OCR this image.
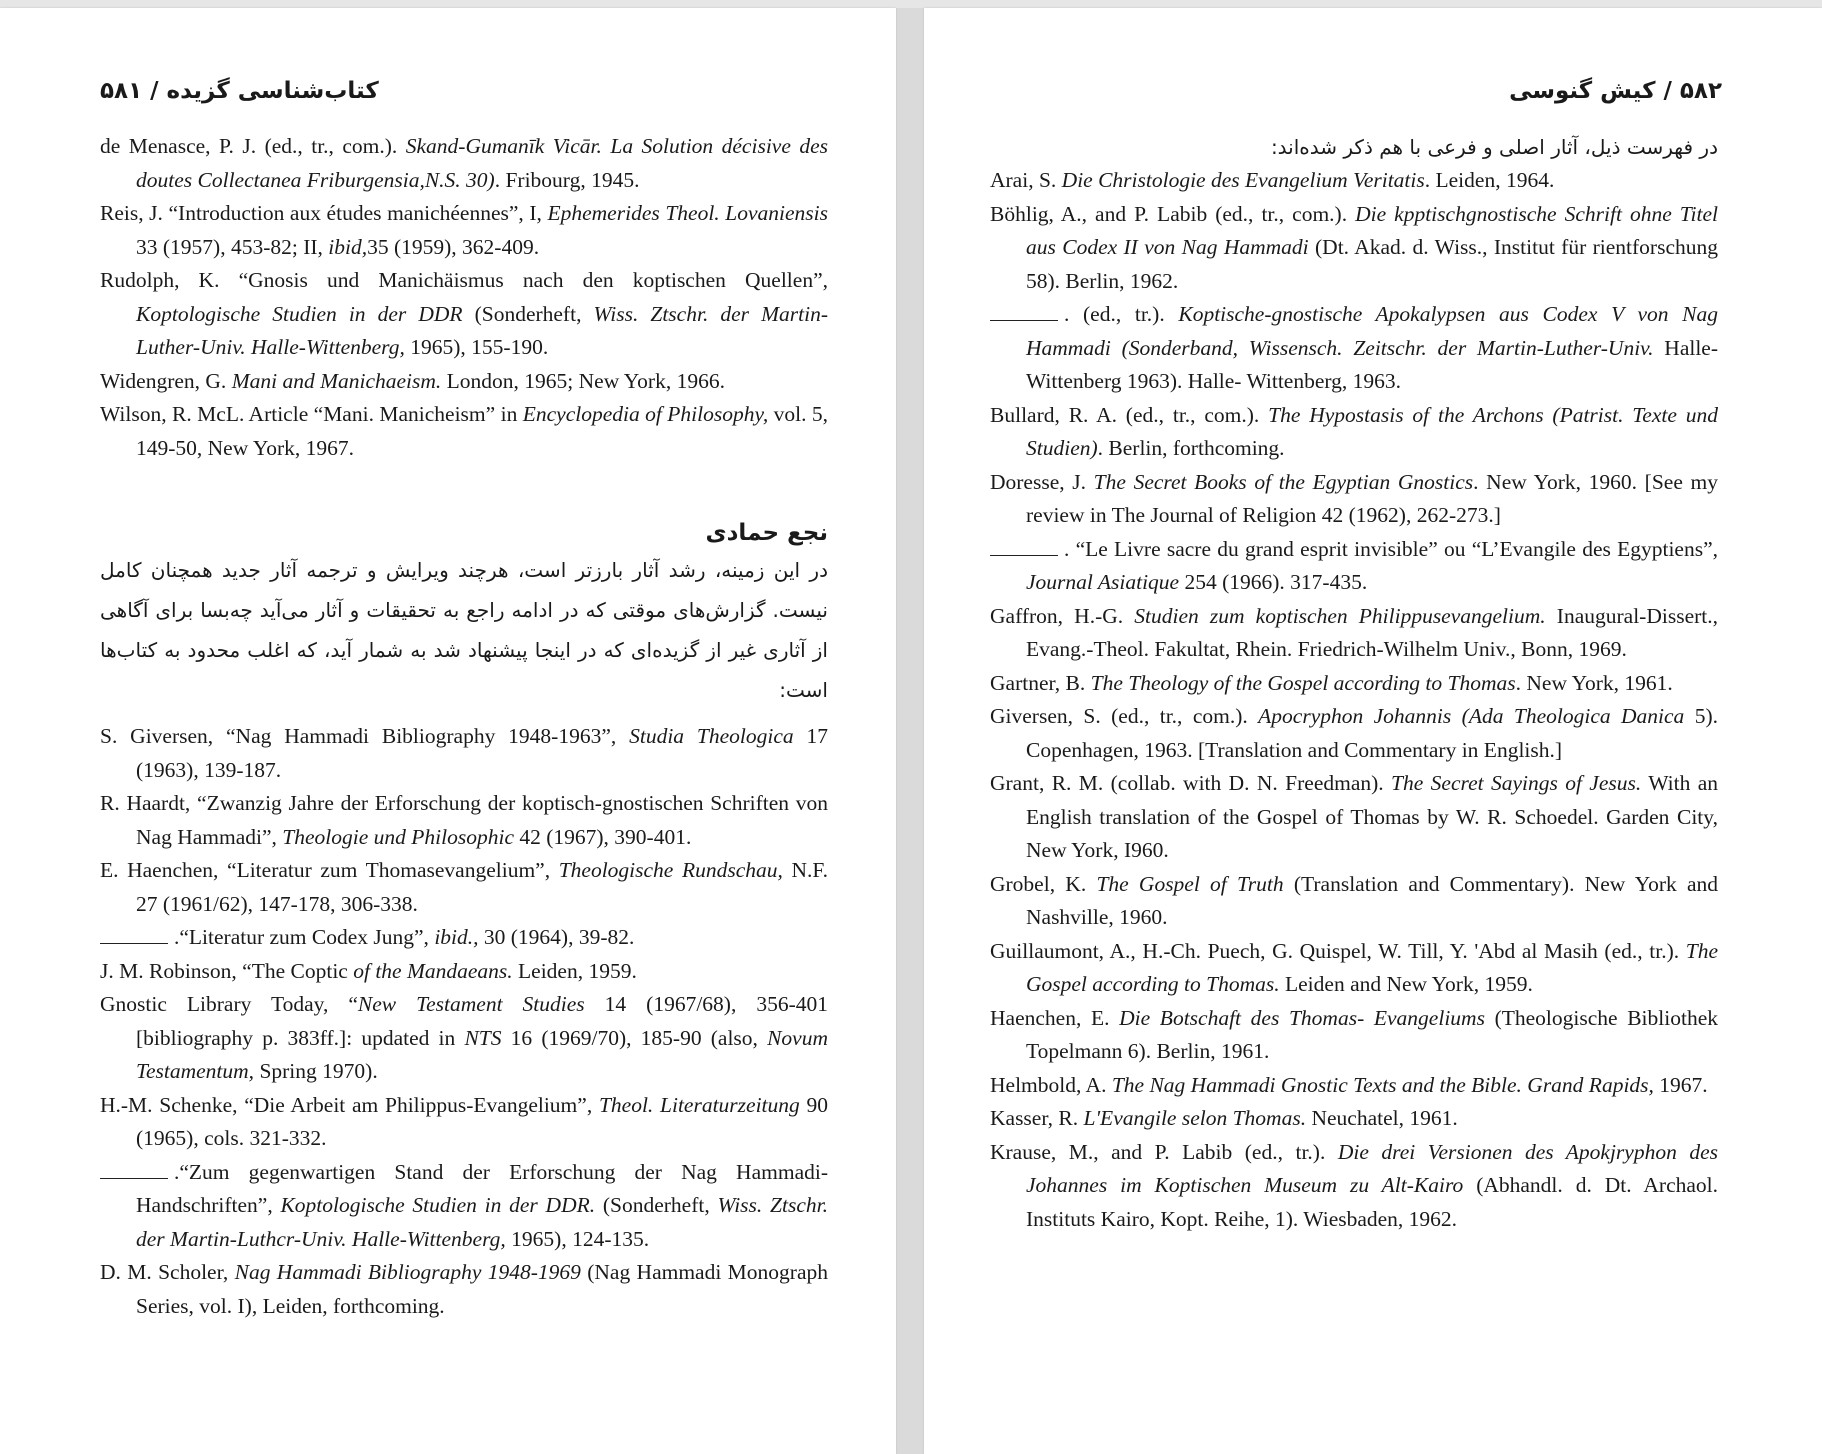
کتاب‌شناسی گزیده / ۵۸۱

de Menasce, P. J. (ed., tr., com.). Skand-Gumanīk Vicār. La Solution décisive des doutes Collectanea Friburgensia,N.S. 30). Fribourg, 1945.

Reis, J. “Introduction aux études manichéennes”, I, Ephemerides Theol. Lovaniensis 33 (1957), 453-82; II, ibid,35 (1959), 362-409.

Rudolph, K. “Gnosis und Manichäismus nach den koptischen Quellen”, Koptologische Studien in der DDR (Sonderheft, Wiss. Ztschr. der Martin-Luther-Univ. Halle-Wittenberg, 1965), 155-190.

Widengren, G. Mani and Manichaeism. London, 1965; New York, 1966.

Wilson, R. McL. Article “Mani. Manicheism” in Encyclopedia of Philosophy, vol. 5, 149-50, New York, 1967.

نجع حمادی
در این زمینه، رشد آثار بارزتر است، هرچند ویرایش و ترجمه آثار جدید همچنان کامل نیست. گزارش‌های موقتی که در ادامه راجع به تحقیقات و آثار می‌آید چه‌بسا برای آگاهی از آثاری غیر از گزیده‌ای که در اینجا پیشنهاد شد به شمار آید، که اغلب محدود به کتاب‌ها است:

S. Giversen, “Nag Hammadi Bibliography 1948-1963”, Studia Theologica 17 (1963), 139-187.

R. Haardt, “Zwanzig Jahre der Erforschung der koptisch-gnostischen Schriften von Nag Hammadi”, Theologie und Philosophic 42 (1967), 390-401.

E. Haenchen, “Literatur zum Thomasevangelium”, Theologische Rundschau, N.F. 27 (1961/62), 147-178, 306-338.

.“Literatur zum Codex Jung”, ibid., 30 (1964), 39-82.

J. M. Robinson, “The Coptic of the Mandaeans. Leiden, 1959.

Gnostic Library Today, “New Testament Studies 14 (1967/68), 356-401 [bibliography p. 383ff.]: updated in NTS 16 (1969/70), 185-90 (also, Novum Testamentum, Spring 1970).

H.-M. Schenke, “Die Arbeit am Philippus-Evangelium”, Theol. Literaturzeitung 90 (1965), cols. 321-332.

.“Zum gegenwartigen Stand der Erforschung der Nag Hammadi-Handschriften”, Koptologische Studien in der DDR. (Sonderheft, Wiss. Ztschr. der Martin-Luthcr-Univ. Halle-Wittenberg, 1965), 124-135.

D. M. Scholer, Nag Hammadi Bibliography 1948-1969 (Nag Hammadi Monograph Series, vol. I), Leiden, forthcoming.

۵۸۲ / کیش گنوسی
در فهرست ذیل، آثار اصلی و فرعی با هم ذکر شده‌اند:

Arai, S. Die Christologie des Evangelium Veritatis. Leiden, 1964.

Böhlig, A., and P. Labib (ed., tr., com.). Die kpptischgnostische Schrift ohne Titel aus Codex II von Nag Hammadi (Dt. Akad. d. Wiss., Institut für rientforschung 58). Berlin, 1962.

. (ed., tr.). Koptische-gnostische Apokalypsen aus Codex V von Nag Hammadi (Sonderband, Wissensch. Zeitschr. der Martin-Luther-Univ. Halle-Wittenberg 1963). Halle- Wittenberg, 1963.

Bullard, R. A. (ed., tr., com.). The Hypostasis of the Archons (Patrist. Texte und Studien). Berlin, forthcoming.

Doresse, J. The Secret Books of the Egyptian Gnostics. New York, 1960. [See my review in The Journal of Religion 42 (1962), 262-273.]

. “Le Livre sacre du grand esprit invisible” ou “L’Evangile des Egyptiens”, Journal Asiatique 254 (1966). 317-435.

Gaffron, H.-G. Studien zum koptischen Philippusevangelium. Inaugural-Dissert., Evang.-Theol. Fakultat, Rhein. Friedrich-Wilhelm Univ., Bonn, 1969.

Gartner, B. The Theology of the Gospel according to Thomas. New York, 1961.

Giversen, S. (ed., tr., com.). Apocryphon Johannis (Ada Theologica Danica 5). Copenhagen, 1963. [Translation and Commentary in English.]

Grant, R. M. (collab. with D. N. Freedman). The Secret Sayings of Jesus. With an English translation of the Gospel of Thomas by W. R. Schoedel. Garden City, New York, I960.

Grobel, K. The Gospel of Truth (Translation and Commentary). New York and Nashville, 1960.

Guillaumont, A., H.-Ch. Puech, G. Quispel, W. Till, Y. 'Abd al Masih (ed., tr.). The Gospel according to Thomas. Leiden and New York, 1959.

Haenchen, E. Die Botschaft des Thomas- Evangeliums (Theologische Bibliothek Topelmann 6). Berlin, 1961.

Helmbold, A. The Nag Hammadi Gnostic Texts and the Bible. Grand Rapids, 1967.

Kasser, R. L'Evangile selon Thomas. Neuchatel, 1961.

Krause, M., and P. Labib (ed., tr.). Die drei Versionen des Apokjryphon des Johannes im Koptischen Museum zu Alt-Kairo (Abhandl. d. Dt. Archaol. Instituts Kairo, Kopt. Reihe, 1). Wiesbaden, 1962.
